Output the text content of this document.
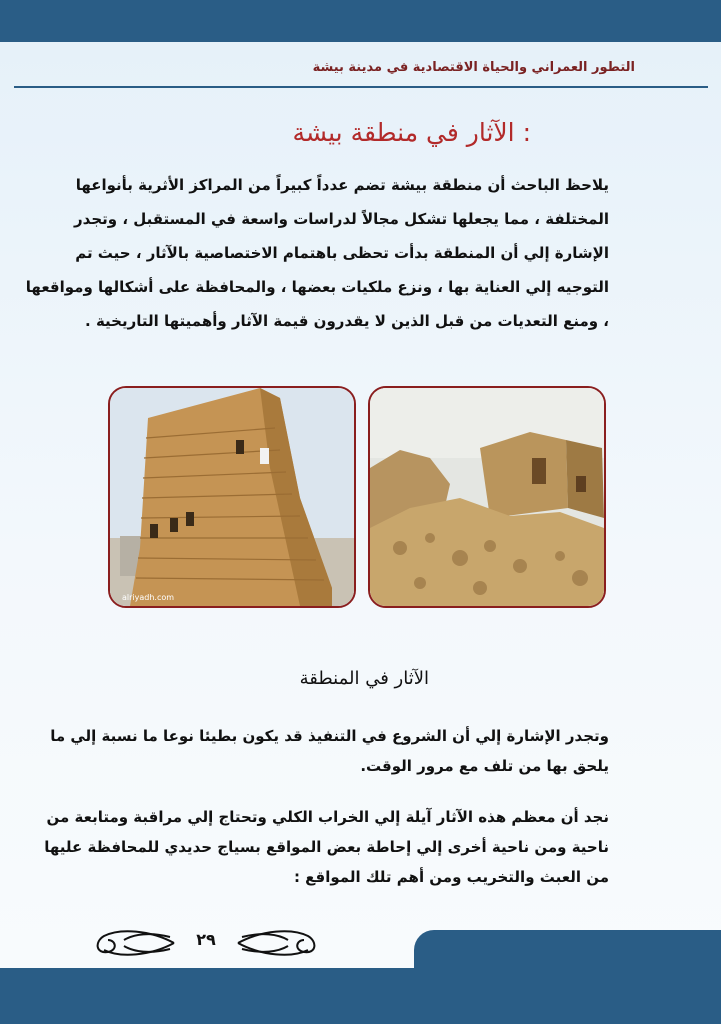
التطور العمراني والحياة الاقتصادية في مدينة بيشة
الآثار في منطقة بيشة :
يلاحظ الباحث أن منطقة بيشة تضم عدداً كبيراً من المراكز الأثرية بأنواعها المختلفة ، مما يجعلها تشكل مجالاً لدراسات واسعة في المستقبل ، وتجدر الإشارة إلي أن المنطقة بدأت تحظى باهتمام الاختصاصية بالآثار ، حيث تم التوجيه إلي العناية بها ، ونزع ملكيات بعضها ، والمحافظة على أشكالها ومواقعها ، ومنع التعديات من قبل الذين لا يقدرون قيمة الآثار وأهميتها التاريخية .
alriyadh.com
الآثار في المنطقة
وتجدر الإشارة إلي أن الشروع في التنفيذ قد يكون بطيئا نوعا ما نسبة إلي ما يلحق بها من تلف مع مرور الوقت.
نجد أن معظم هذه الآثار آيلة إلي الخراب الكلي وتحتاج إلي مراقبة ومتابعة من ناحية ومن ناحية أخرى إلي إحاطة بعض المواقع بسياج حديدي للمحافظة عليها من العبث والتخريب ومن أهم تلك المواقع :
٢٩
